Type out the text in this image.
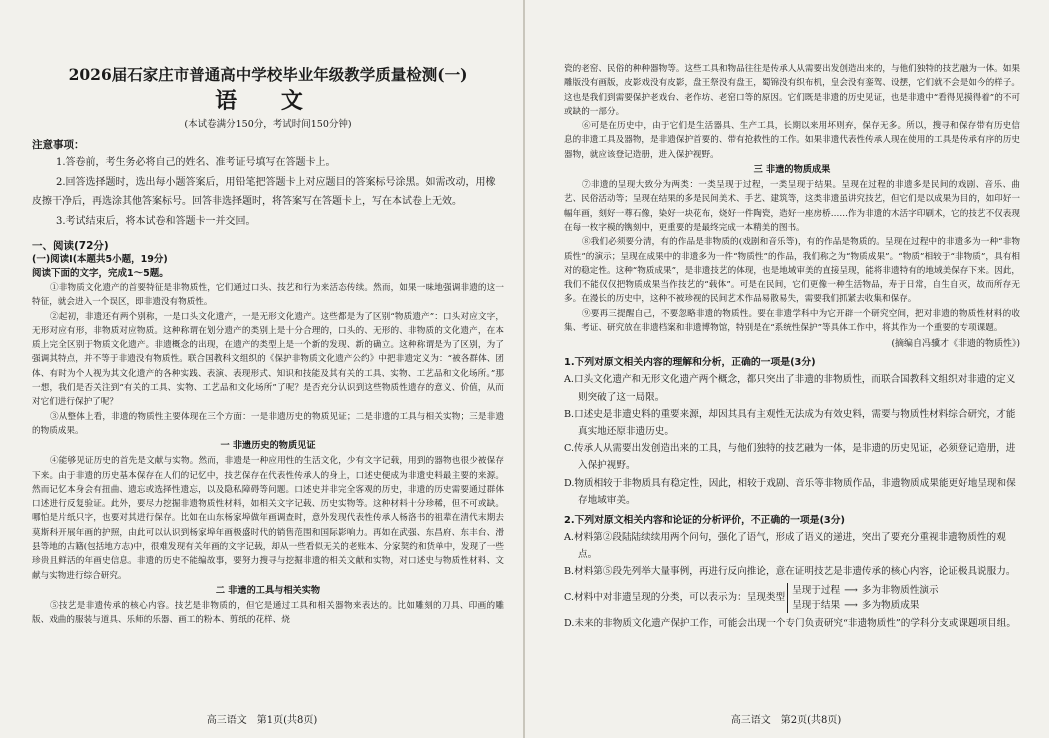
2026届石家庄市普通高中学校毕业年级教学质量检测(一)
语 文

(本试卷满分150分，考试时间150分钟)

注意事项：

1.答卷前，考生务必将自己的姓名、准考证号填写在答题卡上。

2.回答选择题时，选出每小题答案后，用铅笔把答题卡上对应题目的答案标号涂黑。如需改动，用橡皮擦干净后，再选涂其他答案标号。回答非选择题时，将答案写在答题卡上，写在本试卷上无效。

3.考试结束后，将本试卷和答题卡一并交回。

一、阅读(72分)

(一)阅读Ⅰ(本题共5小题，19分)

阅读下面的文字，完成1～5题。

①非物质文化遗产的首要特征是非物质性，它们通过口头、技艺和行为来活态传续。然而，如果一味地强调非遗的这一特征，就会进入一个误区，即非遗没有物质性。

②起初，非遗还有两个别称，一是口头文化遗产，一是无形文化遗产。这些都是为了区别“物质遗产”：口头对应文字，无形对应有形，非物质对应物质。这种称谓在划分遗产的类别上是十分合理的，口头的、无形的、非物质的文化遗产，在本质上完全区别于物质文化遗产。非遗概念的出现，在遗产的类型上是一个新的发现、新的确立。这种称谓是为了区别，为了强调其特点，并不等于非遗没有物质性。联合国教科文组织的《保护非物质文化遗产公约》中把非遗定义为：“被各群体、团体、有时为个人视为其文化遗产的各种实践、表演、表现形式、知识和技能及其有关的工具、实物、工艺品和文化场所。”那一想，我们是否关注到“有关的工具、实物、工艺品和文化场所”了呢？是否充分认识到这些物质性遗存的意义、价值，从而对它们进行保护了呢？

③从整体上看，非遗的物质性主要体现在三个方面：一是非遗历史的物质见证；二是非遗的工具与相关实物；三是非遗的物质成果。

一 非遗历史的物质见证

④能够见证历史的首先是文献与实物。然而，非遗是一种应用性的生活文化，少有文字记载，用到的器物也很少被保存下来。由于非遗的历史基本保存在人们的记忆中，技艺保存在代表性传承人的身上，口述史便成为非遗史料最主要的来源。然而记忆本身会有扭曲、遗忘或选择性遗忘，以及隐私障碍等问题。口述史并非完全客观的历史，非遗的历史需要通过群体口述进行反复验证。此外，要尽力挖掘非遗物质性材料，如相关文字记载、历史实物等。这种材料十分珍稀，但不可或缺。哪怕是片纸只字，也要对其进行保存。比如在山东杨家埠做年画调查时，意外发现代表性传承人杨洛书的祖辈在清代末期去莫斯科开展年画的护照，由此可以认识到杨家埠年画极盛时代的销售范围和国际影响力。再如在武强、东昌府、东丰台、滑县等地的古籍(包括地方志)中，很难发现有关年画的文字记载，却从一些看似无关的老账本、分家契约和货单中，发现了一些珍贵且鲜活的年画史信息。非遗的历史不能编故事，要努力搜寻与挖掘非遗的相关文献和实物，对口述史与物质性材料、文献与实物进行综合研究。

二 非遗的工具与相关实物

⑤技艺是非遗传承的核心内容。技艺是非物质的，但它是通过工具和相关器物来表达的。比如雕刻的刀具、印画的雕版、戏曲的服装与道具、乐师的乐器、画工的粉本、剪纸的花样、烧

高三语文　第1页(共8页)

瓷的老窑、民俗的种种器物等。这些工具和物品往往是传承人从需要出发创造出来的，与他们独特的技艺融为一体。如果雕版没有画版，皮影戏没有皮影，盘王祭没有盘王，蜀锦没有织布机，皇会没有銮驾、设摆，它们就不会是如今的样子。这也是我们到需要保护老戏台、老作坊、老窑口等的原因。它们既是非遗的历史见证，也是非遗中“看得见摸得着”的不可或缺的一部分。

⑥可是在历史中，由于它们是生活器具、生产工具，长期以来用坏则弃，保存无多。所以，搜寻和保存带有历史信息的非遗工具及器物，是非遗保护首要的、带有抢救性的工作。如果非遗代表性传承人现在使用的工具是传承有序的历史器物，就应该登记造册，进入保护视野。

三 非遗的物质成果

⑦非遗的呈现大致分为两类：一类呈现于过程，一类呈现于结果。呈现在过程的非遗多是民间的戏剧、音乐、曲艺、民俗活动等；呈现在结果的多是民间美术、手艺、建筑等，这类非遗虽讲究技艺，但它们是以成果为目的，如印好一幅年画，刻好一尊石像，染好一块花布，烧好一件陶瓷，造好一座房桥……作为非遗的木活字印刷术，它的技艺不仅表现在每一枚字模的镌刻中，更重要的是最终完成一本精美的图书。

⑧我们必须要分清，有的作品是非物质的(戏剧和音乐等)，有的作品是物质的。呈现在过程中的非遗多为一种“非物质性”的演示；呈现在成果中的非遗多为一件“物质性”的作品，我们称之为“物质成果”。“物质”相较于“非物质”，具有相对的稳定性。这种“物质成果”，是非遗技艺的体现，也是地域审美的直接呈现，能将非遗特有的地域美保存下来。因此，我们不能仅仅把物质成果当作技艺的“载体”。可是在民间，它们更像一种生活物品，寿于日常，自生自灭，故而所存无多。在漫长的历史中，这种不被珍视的民间艺术作品易散易失，需要我们抓紧去收集和保存。

⑨要再三提醒自己，不要忽略非遗的物质性。要在非遗学科中为它开辟一个研究空间，把对非遗的物质性材料的收集、考证、研究放在非遗档案和非遗博物馆，特别是在“系统性保护”等具体工作中，将其作为一个重要的专项课题。

(摘编自冯骥才《非遗的物质性》)

1.下列对原文相关内容的理解和分析，正确的一项是(3分)

A.口头文化遗产和无形文化遗产两个概念，都只突出了非遗的非物质性，而联合国教科文组织对非遗的定义则突破了这一局限。

B.口述史是非遗史料的重要来源，却因其具有主观性无法成为有效史料，需要与物质性材料综合研究，才能真实地还原非遗历史。

C.传承人从需要出发创造出来的工具，与他们独特的技艺融为一体，是非遗的历史见证，必须登记造册，进入保护视野。

D.物质相较于非物质具有稳定性，因此，相较于戏剧、音乐等非物质作品，非遗物质成果能更好地呈现和保存地域审美。

2.下列对原文相关内容和论证的分析评价，不正确的一项是(3分)

A.材料第②段陆陆续续用两个问句，强化了语气，形成了语义的递进，突出了要充分重视非遗物质性的观点。

B.材料第⑤段先列举大量事例，再进行反向推论，意在证明技艺是非遗传承的核心内容，论证极具说服力。

C.材料中对非遗呈现的分类，可以表示为：呈现类型
呈现于过程 ⟶ 多为非物质性演示
呈现于结果 ⟶ 多为物质成果

D.未来的非物质文化遗产保护工作，可能会出现一个专门负责研究“非遗物质性”的学科分支或课题项目组。

高三语文　第2页(共8页)
